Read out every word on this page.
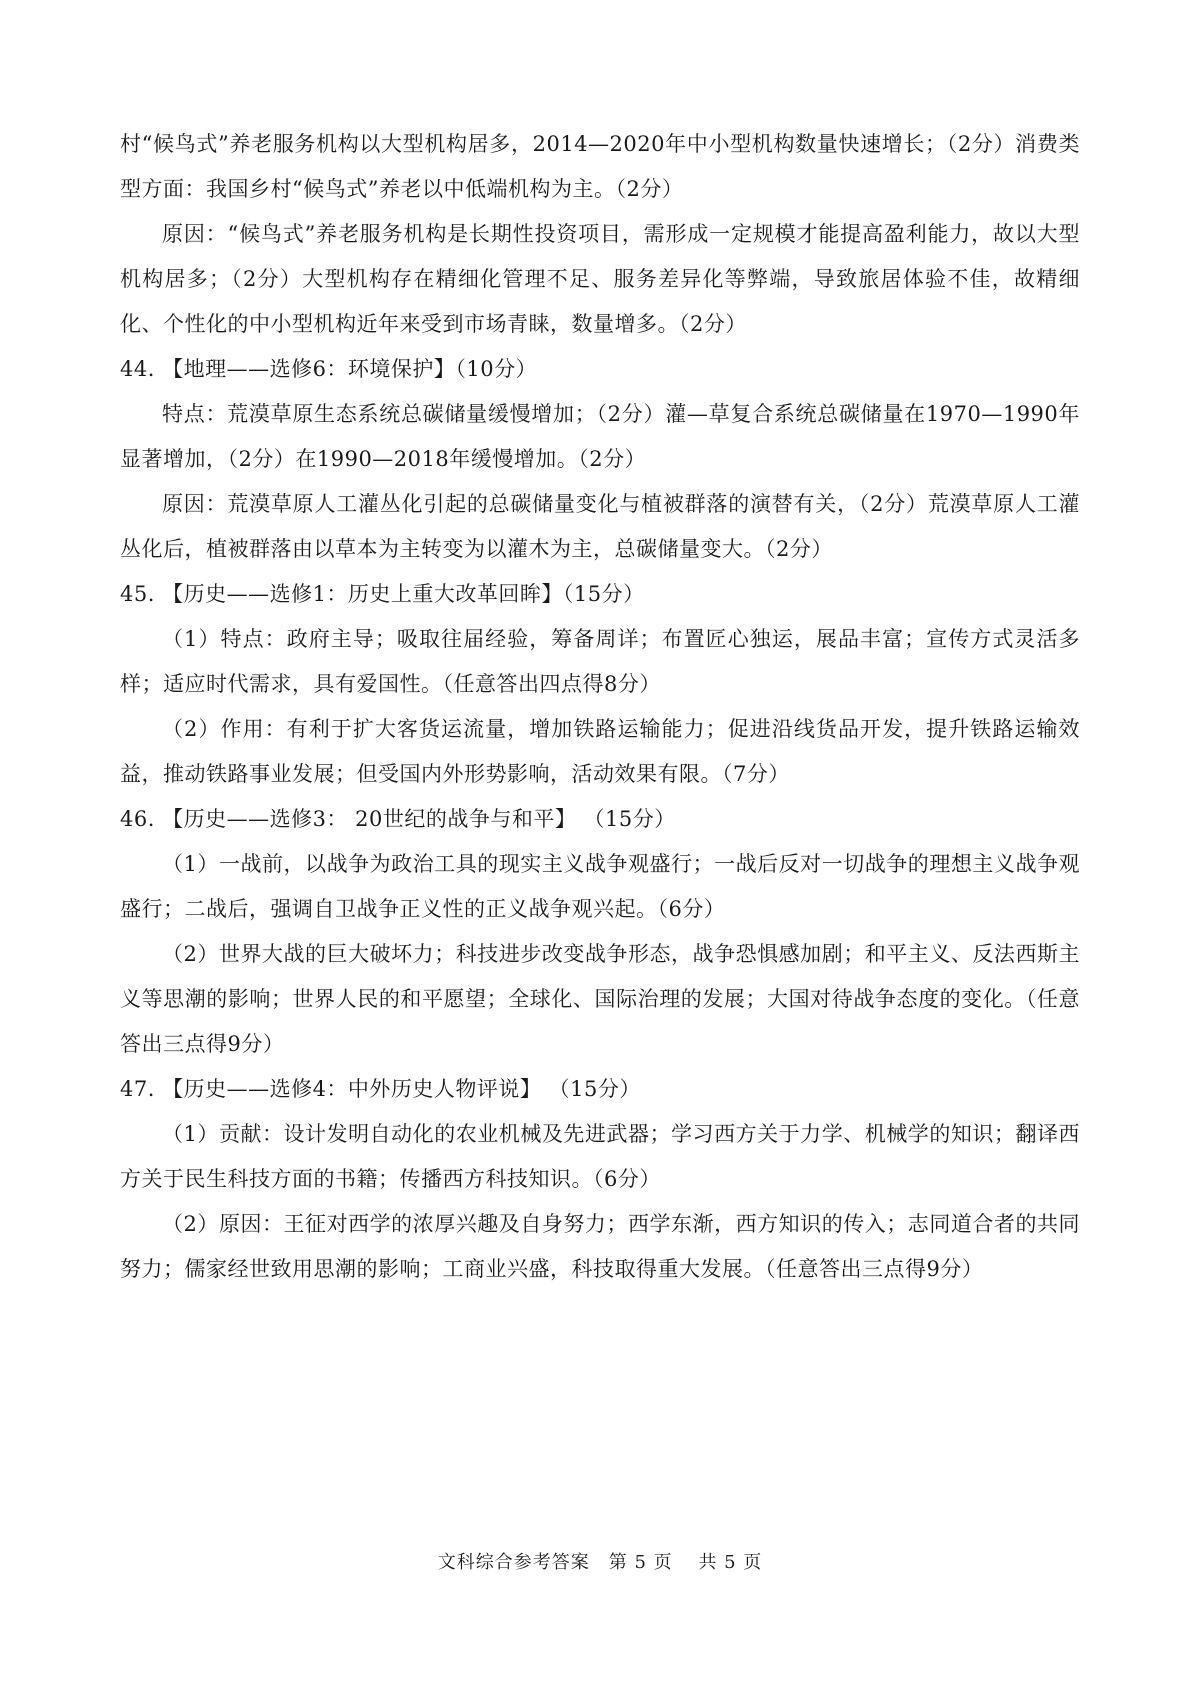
村“候鸟式”养老服务机构以大型机构居多，2014—2020年中小型机构数量快速增长；（2分）消费类型方面：我国乡村“候鸟式”养老以中低端机构为主。（2分）

原因：“候鸟式”养老服务机构是长期性投资项目，需形成一定规模才能提高盈利能力，故以大型机构居多；（2分）大型机构存在精细化管理不足、服务差异化等弊端，导致旅居体验不佳，故精细化、个性化的中小型机构近年来受到市场青睐，数量增多。（2分）

44. 【地理——选修6：环境保护】（10分）

特点：荒漠草原生态系统总碳储量缓慢增加；（2分）灌—草复合系统总碳储量在1970—1990年显著增加，（2分）在1990—2018年缓慢增加。（2分）

原因：荒漠草原人工灌丛化引起的总碳储量变化与植被群落的演替有关，（2分）荒漠草原人工灌丛化后，植被群落由以草本为主转变为以灌木为主，总碳储量变大。（2分）

45. 【历史——选修1：历史上重大改革回眸】（15分）

（1）特点：政府主导；吸取往届经验，筹备周详；布置匠心独运，展品丰富；宣传方式灵活多样；适应时代需求，具有爱国性。（任意答出四点得8分）

（2）作用：有利于扩大客货运流量，增加铁路运输能力；促进沿线货品开发，提升铁路运输效益，推动铁路事业发展；但受国内外形势影响，活动效果有限。（7分）

46. 【历史——选修3： 20世纪的战争与和平】 （15分）

（1）一战前，以战争为政治工具的现实主义战争观盛行；一战后反对一切战争的理想主义战争观盛行；二战后，强调自卫战争正义性的正义战争观兴起。（6分）

（2）世界大战的巨大破坏力；科技进步改变战争形态，战争恐惧感加剧；和平主义、反法西斯主义等思潮的影响；世界人民的和平愿望；全球化、国际治理的发展；大国对待战争态度的变化。（任意答出三点得9分）

47. 【历史——选修4：中外历史人物评说】 （15分）

（1）贡献：设计发明自动化的农业机械及先进武器；学习西方关于力学、机械学的知识；翻译西方关于民生科技方面的书籍；传播西方科技知识。（6分）

（2）原因：王征对西学的浓厚兴趣及自身努力；西学东渐，西方知识的传入；志同道合者的共同努力；儒家经世致用思潮的影响；工商业兴盛，科技取得重大发展。（任意答出三点得9分）

文科综合参考答案　第 5 页　 共 5 页
